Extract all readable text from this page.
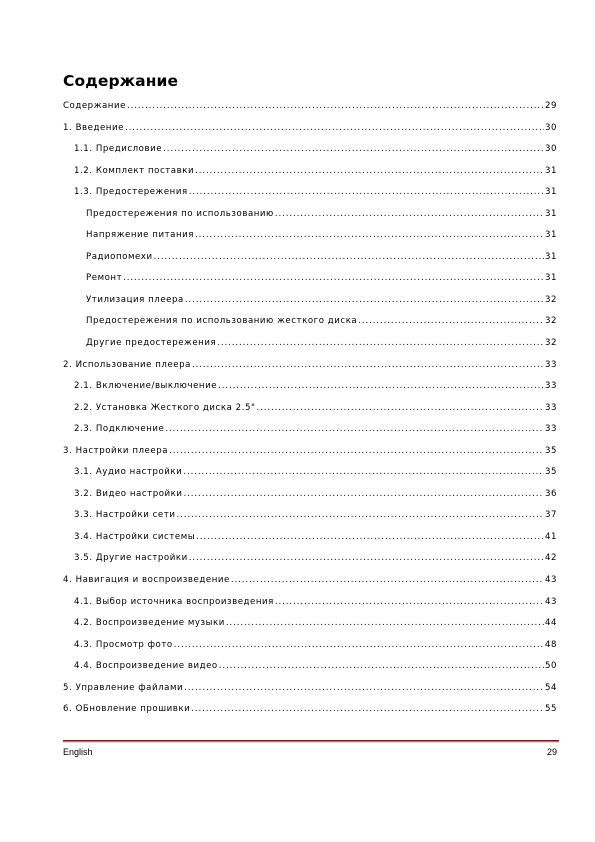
Содержание
Содержание .....	29
1. Введение .....	30
1.1. Предисловие .....	30
1.2. Комплект поставки .....	31
1.3. Предостережения .....	31
Предостережения по использованию .....	31
Напряжение питания .....	31
Радиопомехи .....	31
Ремонт .....	31
Утилизация плеера .....	32
Предостережения по использованию жесткого диска .....	32
Другие предостережения .....	32
2. Использование плеера .....	33
2.1. Включение/выключение .....	33
2.2. Установка Жесткого диска 2.5" .....	33
2.3. Подключение .....	33
3. Настройки плеера .....	35
3.1. Аудио настройки .....	35
3.2. Видео настройки .....	36
3.3. Настройки сети .....	37
3.4. Настройки системы .....	41
3.5. Другие настройки .....	42
4. Навигация и воспроизведение .....	43
4.1. Выбор источника воспроизведения .....	43
4.2. Воспроизведение музыки .....	44
4.3. Просмотр фото .....	48
4.4. Воспроизведение видео .....	50
5. Управление файлами .....	54
6. ОБновление прошивки .....	55
English	29
